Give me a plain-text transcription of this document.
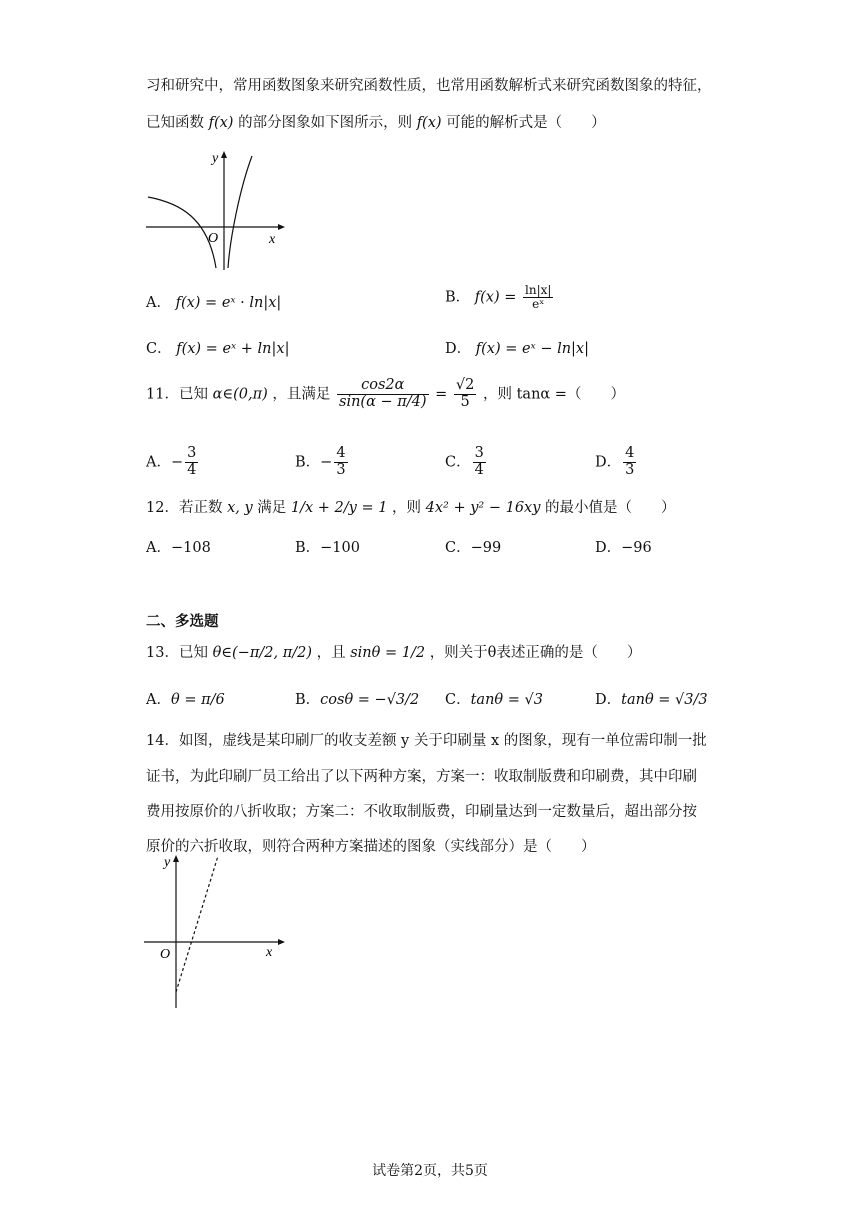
习和研究中，常用函数图象来研究函数性质，也常用函数解析式来研究函数图象的特征，
已知函数 f(x) 的部分图象如下图所示，则 f(x) 可能的解析式是（　　）
y
x
O
A． f(x) = eˣ · ln|x|	B． $f(x) = \frac{\ln|x|}{\text{eˣ}}$
C． f(x) = eˣ + ln|x|	D． f(x) = eˣ − ln|x|
11．已知 α∈(0,π) ，且满足 $\frac{\cos 2\alpha}{\sin(\alpha - \pi/4)} = \frac{√2}{5}$ ，则 tanα =（　　）
A．− $\frac{3}{4}$	B．− $\frac{4}{3}$	C． $\frac{3}{4}$	D． $\frac{4}{3}$
12．若正数 x, y 满足 1/x + 2/y = 1 ，则 4x² + y² − 16xy 的最小值是（　　）
A．−108	B．−100	C．−99	D．−96
二、多选题
13．已知 θ∈(−π/2, π/2) ，且 sinθ = 1/2 ，则关于θ表述正确的是（　　）
A．θ = π/6	B．cosθ = −√3/2 C．tanθ = √3	D．tanθ = √3/3
14．如图，虚线是某印刷厂的收支差额 y 关于印刷量 x 的图象，现有一单位需印制一批
证书，为此印刷厂员工给出了以下两种方案，方案一：收取制版费和印刷费，其中印刷
费用按原价的八折收取；方案二：不收取制版费，印刷量达到一定数量后，超出部分按
原价的六折收取，则符合两种方案描述的图象（实线部分）是（　　）
y
x
O
试卷第2页，共5页
